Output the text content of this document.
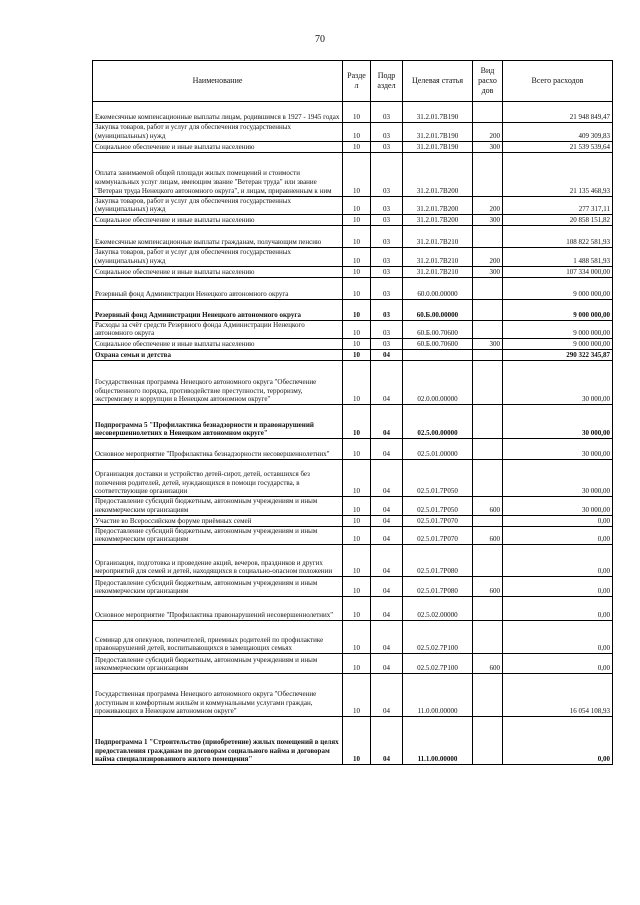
70
Наименование	Разде л	Подр аздел	Целевая статья	Вид расхо дов	Всего расходов
Ежемесячные компенсационные выплаты лицам, родившимся в 1927 - 1945 годах	10	03	31.2.01.7В190		21 948 849,47
Закупка товаров, работ и услуг для обеспечения государственных (муниципальных) нужд	10	03	31.2.01.7В190	200	409 309,83
Социальное обеспечение и иные выплаты населению	10	03	31.2.01.7В190	300	21 539 539,64
Оплата занимаемой общей площади жилых помещений и стоимости коммунальных услуг лицам, имеющим звание "Ветеран труда" или звание "Ветеран труда Ненецкого автономного округа", и лицам, приравненным к ним	10	03	31.2.01.7В200		21 135 468,93
Закупка товаров, работ и услуг для обеспечения государственных (муниципальных) нужд	10	03	31.2.01.7В200	200	277 317,11
Социальное обеспечение и иные выплаты населению	10	03	31.2.01.7В200	300	20 858 151,82
Ежемесячные компенсационные выплаты гражданам, получающим пенсию	10	03	31.2.01.7В210		108 822 581,93
Закупка товаров, работ и услуг для обеспечения государственных (муниципальных) нужд	10	03	31.2.01.7В210	200	1 488 581,93
Социальное обеспечение и иные выплаты населению	10	03	31.2.01.7В210	300	107 334 000,00
Резервный фонд Администрации Ненецкого автономного округа	10	03	60.0.00.00000		9 000 000,00
Резервный фонд Администрации Ненецкого автономного округа	10	03	60.Б.00.00000		9 000 000,00
Расходы за счёт средств Резервного фонда Администрации Ненецкого автономного округа	10	03	60.Б.00.70600		9 000 000,00
Социальное обеспечение и иные выплаты населению	10	03	60.Б.00.70600	300	9 000 000,00
Охрана семьи и детства	10	04			290 322 345,87
Государственная программа Ненецкого автономного округа "Обеспечение общественного порядка, противодействие преступности, терроризму, экстремизму и коррупции в Ненецком автономном округе"	10	04	02.0.00.00000		30 000,00
Подпрограмма 5 "Профилактика безнадзорности и правонарушений несовершеннолетних в Ненецком автономном округе"	10	04	02.5.00.00000		30 000,00
Основное мероприятие "Профилактика безнадзорности несовершеннолетних"	10	04	02.5.01.00000		30 000,00
Организация доставки и устройство детей-сирот, детей, оставшихся без попечения родителей, детей, нуждающихся в помощи государства, в соответствующие организации	10	04	02.5.01.7Р050		30 000,00
Предоставление субсидий бюджетным, автономным учреждениям и иным некоммерческим организациям	10	04	02.5.01.7Р050	600	30 000,00
Участие во Всероссийском форуме приёмных семей	10	04	02.5.01.7Р070		0,00
Предоставление субсидий бюджетным, автономным учреждениям и иным некоммерческим организациям	10	04	02.5.01.7Р070	600	0,00
Организация, подготовка и проведение акций, вечеров, праздников и других мероприятий для семей и детей, находящихся в социально-опасном положении	10	04	02.5.01.7Р080		0,00
Предоставление субсидий бюджетным, автономным учреждениям и иным некоммерческим организациям	10	04	02.5.01.7Р080	600	0,00
Основное мероприятие "Профилактика правонарушений несовершеннолетних"	10	04	02.5.02.00000		0,00
Семинар для опекунов, попечителей, приемных родителей по профилактике правонарушений детей, воспитывающихся в замещающих семьях	10	04	02.5.02.7Р100		0,00
Предоставление субсидий бюджетным, автономным учреждениям и иным некоммерческим организациям	10	04	02.5.02.7Р100	600	0,00
Государственная программа Ненецкого автономного округа "Обеспечение доступным и комфортным жильём и коммунальными услугами граждан, проживающих в Ненецком автономном округе"	10	04	11.0.00.00000		16 054 108,93
Подпрограмма 1 "Строительство (приобретение) жилых помещений в целях предоставления гражданам по договорам социального найма и договорам найма специализированного жилого помещения"	10	04	11.1.00.00000		0,00
